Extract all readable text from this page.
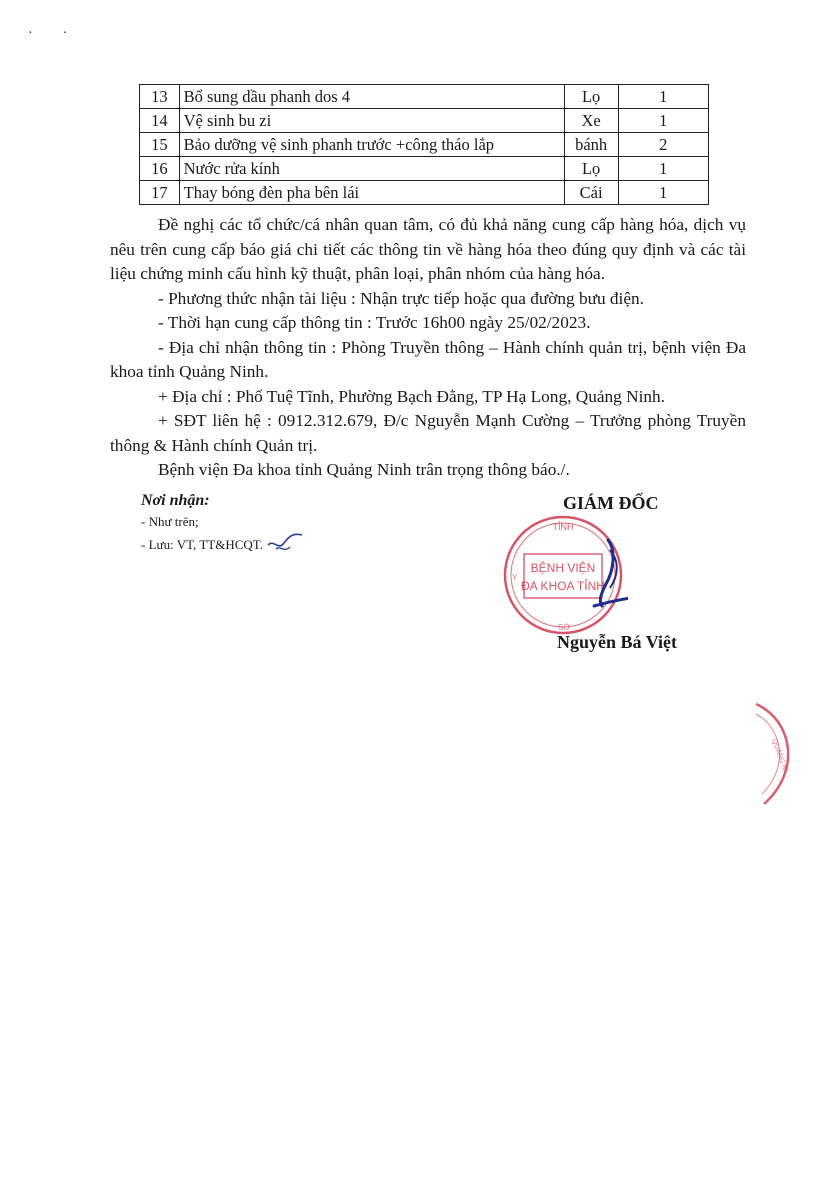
··
13	Bổ sung dầu phanh dos 4	Lọ	1
14	Vệ sinh bu zi	Xe	1
15	Bảo dưỡng vệ sinh phanh trước +công tháo lắp	bánh	2
16	Nước rửa kính	Lọ	1
17	Thay bóng đèn pha bên lái	Cái	1

Đề nghị các tổ chức/cá nhân quan tâm, có đủ khả năng cung cấp hàng hóa, dịch vụ nêu trên cung cấp báo giá chi tiết các thông tin về hàng hóa theo đúng quy định và các tài liệu chứng minh cấu hình kỹ thuật, phân loại, phân nhóm của hàng hóa.

- Phương thức nhận tài liệu : Nhận trực tiếp hoặc qua đường bưu điện.

- Thời hạn cung cấp thông tin : Trước 16h00 ngày 25/02/2023.

- Địa chỉ nhận thông tin : Phòng Truyền thông – Hành chính quản trị, bệnh viện Đa khoa tỉnh Quảng Ninh.

+ Địa chỉ : Phố Tuệ Tĩnh, Phường Bạch Đằng, TP Hạ Long, Quảng Ninh.

+ SĐT liên hệ : 0912.312.679, Đ/c Nguyễn Mạnh Cường – Trưởng phòng Truyền thông & Hành chính Quản trị.

Bệnh viện Đa khoa tỉnh Quảng Ninh trân trọng thông báo./.

Nơi nhận:
- Như trên;
- Lưu: VT, TT&HCQT.
GIÁM ĐỐC
TỈNH
Y
SỞ
BỆNH VIỆN
ĐA KHOA TỈNH
Nguyễn Bá Việt
QUẢNG N
